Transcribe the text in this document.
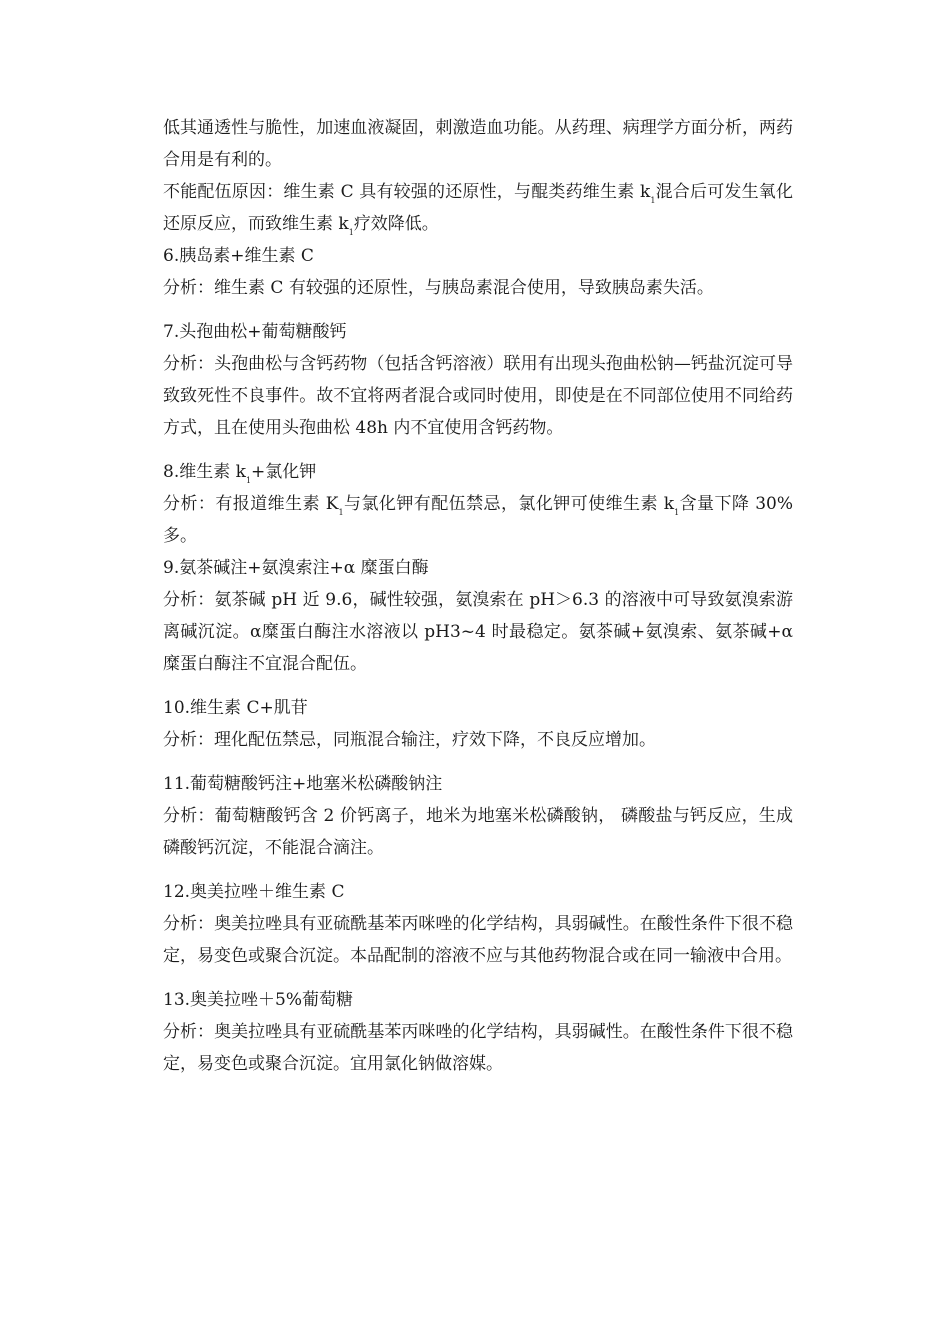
低其通透性与脆性，加速血液凝固，刺激造血功能。从药理、病理学方面分析，两药合用是有利的。

不能配伍原因：维生素 C 具有较强的还原性，与醌类药维生素 $k_1$混合后可发生氧化还原反应，而致维生素 $k_1$疗效降低。

6.胰岛素+维生素 C

分析：维生素 C 有较强的还原性，与胰岛素混合使用，导致胰岛素失活。

7.头孢曲松+葡萄糖酸钙

分析：头孢曲松与含钙药物（包括含钙溶液）联用有出现头孢曲松钠—钙盐沉淀可导致致死性不良事件。故不宜将两者混合或同时使用，即使是在不同部位使用不同给药方式，且在使用头孢曲松 48h 内不宜使用含钙药物。

8.维生素 $k_1+$氯化钾

分析：有报道维生素 $K_1$与氯化钾有配伍禁忌，氯化钾可使维生素 $k_1$含量下降 30%多。

9.氨茶碱注+氨溴索注+α 糜蛋白酶

分析：氨茶碱 pH 近 9.6，碱性较强，氨溴索在 pH＞6.3 的溶液中可导致氨溴索游离碱沉淀。α糜蛋白酶注水溶液以 pH3~4 时最稳定。氨茶碱+氨溴索、氨茶碱+α糜蛋白酶注不宜混合配伍。

10.维生素 C+肌苷

分析：理化配伍禁忌，同瓶混合输注，疗效下降，不良反应增加。

11.葡萄糖酸钙注+地塞米松磷酸钠注

分析：葡萄糖酸钙含 2 价钙离子，地米为地塞米松磷酸钠， 磷酸盐与钙反应，生成磷酸钙沉淀，不能混合滴注。

12.奥美拉唑＋维生素 C

分析：奥美拉唑具有亚硫酰基苯丙咪唑的化学结构，具弱碱性。在酸性条件下很不稳定，易变色或聚合沉淀。本品配制的溶液不应与其他药物混合或在同一输液中合用。

13.奥美拉唑＋5%葡萄糖

分析：奥美拉唑具有亚硫酰基苯丙咪唑的化学结构，具弱碱性。在酸性条件下很不稳定，易变色或聚合沉淀。宜用氯化钠做溶媒。
